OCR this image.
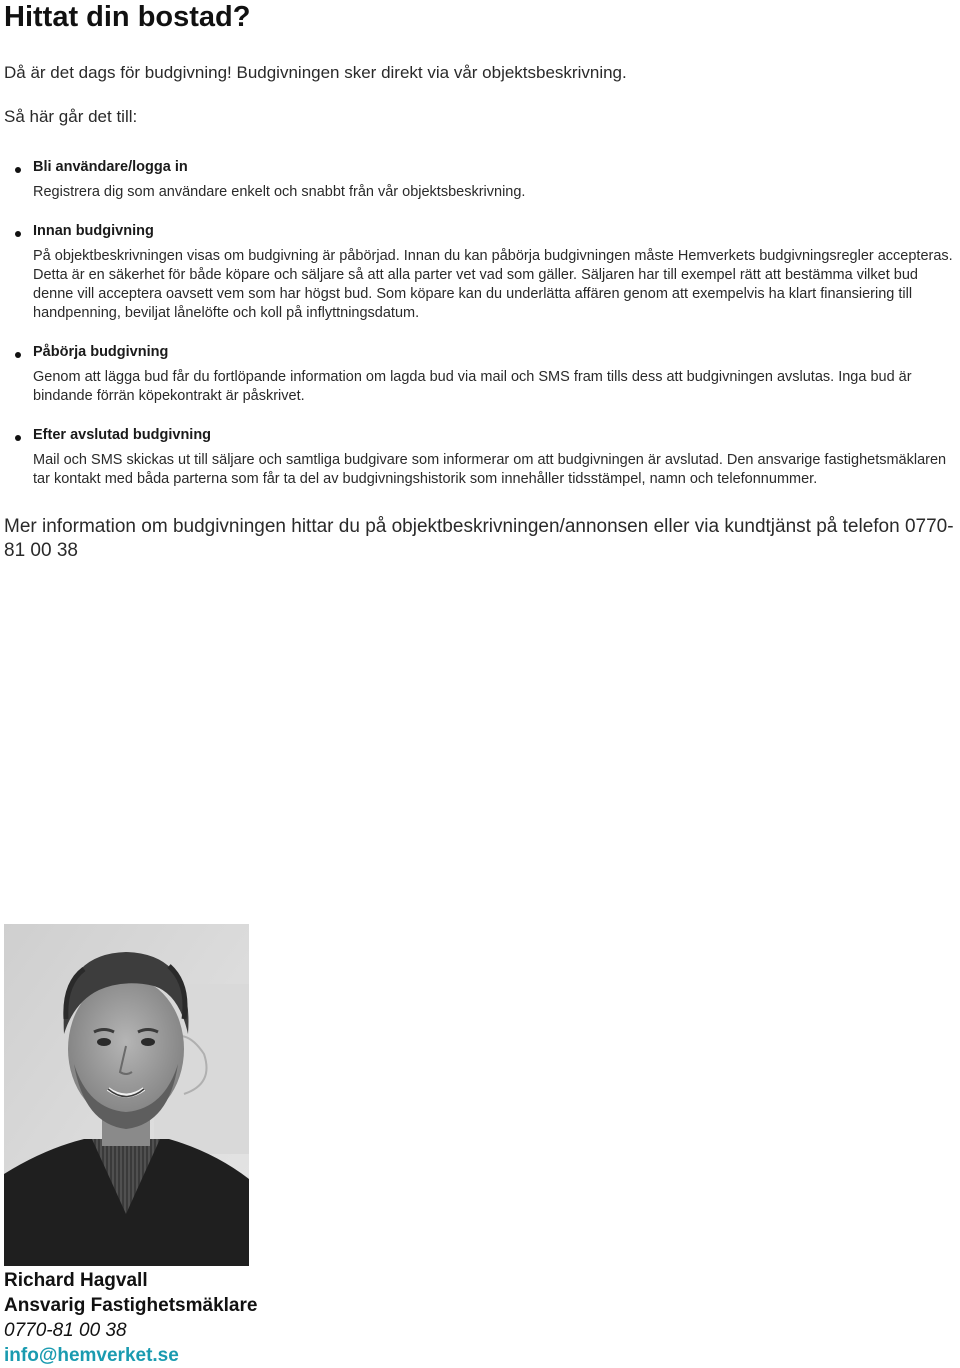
Hittat din bostad?

Då är det dags för budgivning! Budgivningen sker direkt via vår objektsbeskrivning.

Så här går det till:

Bli användare/logga in
Registrera dig som användare enkelt och snabbt från vår objektsbeskrivning.
Innan budgivning
På objektbeskrivningen visas om budgivning är påbörjad. Innan du kan påbörja budgivningen måste Hemverkets budgivningsregler accepteras. Detta är en säkerhet för både köpare och säljare så att alla parter vet vad som gäller. Säljaren har till exempel rätt att bestämma vilket bud denne vill acceptera oavsett vem som har högst bud. Som köpare kan du underlätta affären genom att exempelvis ha klart finansiering till handpenning, beviljat lånelöfte och koll på inflyttningsdatum.
Påbörja budgivning
Genom att lägga bud får du fortlöpande information om lagda bud via mail och SMS fram tills dess att budgivningen avslutas. Inga bud är bindande förrän köpekontrakt är påskrivet.
Efter avslutad budgivning
Mail och SMS skickas ut till säljare och samtliga budgivare som informerar om att budgivningen är avslutad. Den ansvarige fastighetsmäklaren tar kontakt med båda parterna som får ta del av budgivningshistorik som innehåller tidsstämpel, namn och telefonnummer.

Mer information om budgivningen hittar du på objektbeskrivningen/annonsen eller via kundtjänst på telefon 0770-81 00 38

Richard Hagvall
Ansvarig Fastighetsmäklare
0770-81 00 38
info@hemverket.se
